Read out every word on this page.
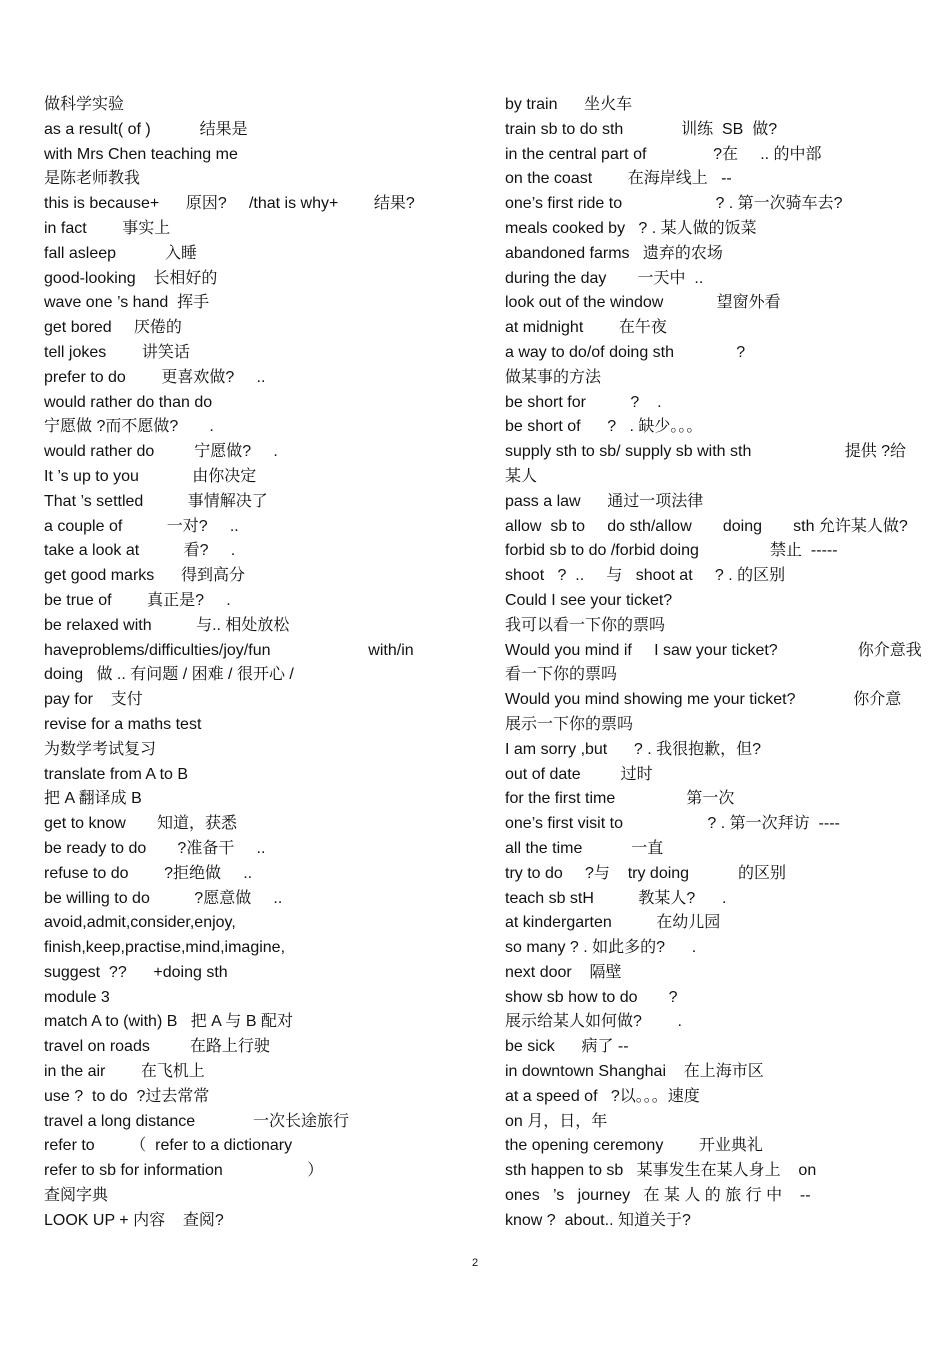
做科学实验
as a result( of )           结果是
with Mrs Chen teaching me
是陈老师教我
this is because+      原因?     /that is why+        结果?
in fact        事实上
fall asleep           入睡
good-looking    长相好的
wave one ’s hand  挥手
get bored     厌倦的
tell jokes        讲笑话
prefer to do        更喜欢做?     ..
would rather do than do
宁愿做 ?而不愿做?       .
would rather do         宁愿做?     .
It ’s up to you            由你决定
That ’s settled          事情解决了
a couple of          一对?     ..
take a look at          看?     .
get good marks      得到高分
be true of        真正是?     .
be relaxed with          与.. 相处放松
haveproblems/difficulties/joy/fun                      with/in
doing   做 .. 有问题 / 困难 / 很开心 /
pay for    支付
revise for a maths test
为数学考试复习
translate from A to B
把 A 翻译成 B
get to know       知道，获悉
be ready to do       ?准备干     ..
refuse to do        ?拒绝做     ..
be willing to do          ?愿意做     ..
avoid,admit,consider,enjoy,
finish,keep,practise,mind,imagine,
suggest  ??      +doing sth
module 3
match A to (with) B   把 A 与 B 配对
travel on roads         在路上行驶
in the air        在飞机上
use ?  to do  ?过去常常
travel a long distance             一次长途旅行
refer to        （  refer to a dictionary
refer to sb for information                   ）
查阅字典
LOOK UP + 内容    查阅?
by train      坐火车
train sb to do sth             训练  SB  做?
in the central part of               ?在     .. 的中部
on the coast        在海岸线上   --
one’s first ride to                     ? . 第一次骑车去?
meals cooked by   ? . 某人做的饭菜
abandoned farms   遗弃的农场
during the day       一天中  ..
look out of the window            望窗外看
at midnight        在午夜
a way to do/of doing sth              ?
做某事的方法
be short for          ?    .
be short of      ?   . 缺少。。。
supply sth to sb/ supply sb with sth                     提供 ?给
某人
pass a law      通过一项法律
allow  sb to     do sth/allow       doing       sth 允许某人做?
forbid sb to do /forbid doing                禁止  -----
shoot   ?  ..     与   shoot at     ? . 的区别
Could I see your ticket?
我可以看一下你的票吗
Would you mind if     I saw your ticket?                  你介意我
看一下你的票吗
Would you mind showing me your ticket?             你介意
展示一下你的票吗
I am sorry ,but      ? . 我很抱歉，但?
out of date         过时
for the first time                第一次
one’s first visit to                   ? . 第一次拜访  ----
all the time           一直
try to do     ?与    try doing           的区别
teach sb stH          教某人?      .
at kindergarten          在幼儿园
so many ? . 如此多的?      .
next door    隔壁
show sb how to do       ?
展示给某人如何做?        .
be sick      病了 --
in downtown Shanghai    在上海市区
at a speed of   ?以。。。速度
on 月，日，年
the opening ceremony        开业典礼
sth happen to sb   某事发生在某人身上    on
ones   ’s   journey   在 某 人 的 旅 行 中    --
know ?  about.. 知道关于?
2
